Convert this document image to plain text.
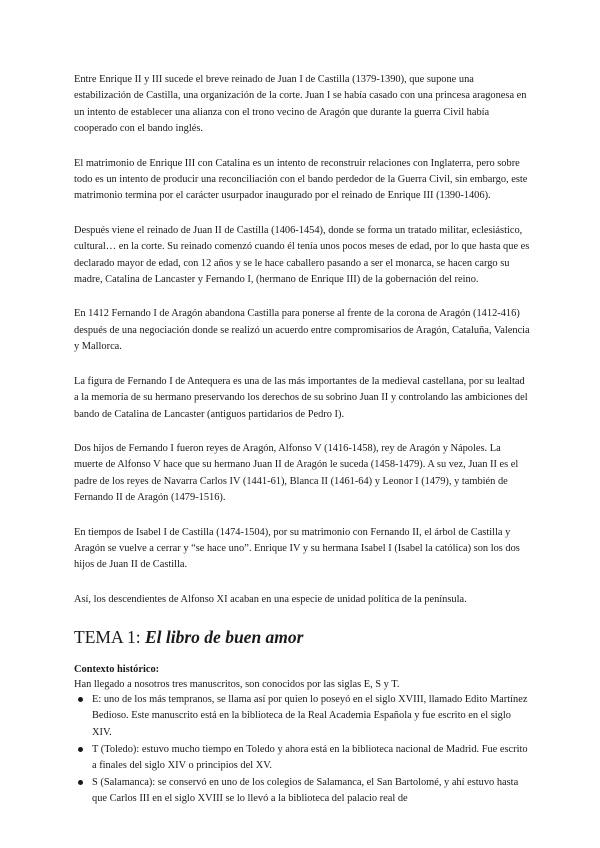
Entre Enrique II y III sucede el breve reinado de Juan I de Castilla (1379-1390), que supone una estabilización de Castilla, una organización de la corte. Juan I se había casado con una princesa aragonesa en un intento de establecer una alianza con el trono vecino de Aragón que durante la guerra Civil había cooperado con el bando inglés.

El matrimonio de Enrique III con Catalina es un intento de reconstruir relaciones con Inglaterra, pero sobre todo es un intento de producir una reconciliación con el bando perdedor de la Guerra Civil, sin embargo, este matrimonio termina por el carácter usurpador inaugurado por el reinado de Enrique III (1390-1406).

Después viene el reinado de Juan II de Castilla (1406-1454), donde se forma un tratado militar, eclesiástico, cultural… en la corte. Su reinado comenzó cuando él tenía unos pocos meses de edad, por lo que hasta que es declarado mayor de edad, con 12 años y se le hace caballero pasando a ser el monarca, se hacen cargo su madre, Catalina de Lancaster y Fernando I, (hermano de Enrique III) de la gobernación del reino.

En 1412 Fernando I de Aragón abandona Castilla para ponerse al frente de la corona de Aragón (1412-416) después de una negociación donde se realizó un acuerdo entre compromisarios de Aragón, Cataluña, Valencia y Mallorca.

La figura de Fernando I de Antequera es una de las más importantes de la medieval castellana, por su lealtad a la memoria de su hermano preservando los derechos de su sobrino Juan II y controlando las ambiciones del bando de Catalina de Lancaster (antiguos partidarios de Pedro I).

Dos hijos de Fernando I fueron reyes de Aragón, Alfonso V (1416-1458), rey de Aragón y Nápoles. La muerte de Alfonso V hace que su hermano Juan II de Aragón le suceda (1458-1479). A su vez, Juan II es el padre de los reyes de Navarra Carlos IV (1441-61), Blanca II (1461-64) y Leonor I (1479), y también de Fernando II de Aragón (1479-1516).

En tiempos de Isabel I de Castilla (1474-1504), por su matrimonio con Fernando II, el árbol de Castilla y Aragón se vuelve a cerrar y “se hace uno”. Enrique IV y su hermana Isabel I (Isabel la católica) son los dos hijos de Juan II de Castilla.

Así, los descendientes de Alfonso XI acaban en una especie de unidad política de la península.

TEMA 1: El libro de buen amor
Contexto histórico:
Han llegado a nosotros tres manuscritos, son conocidos por las siglas E, S y T.
E: uno de los más tempranos, se llama así por quien lo poseyó en el siglo XVIII, llamado Edito Martínez Bedioso. Este manuscrito está en la biblioteca de la Real Academia Española y fue escrito en el siglo XIV.
T (Toledo): estuvo mucho tiempo en Toledo y ahora está en la biblioteca nacional de Madrid. Fue escrito a finales del siglo XIV o principios del XV.
S (Salamanca): se conservó en uno de los colegios de Salamanca, el San Bartolomé, y ahí estuvo hasta que Carlos III en el siglo XVIII se lo llevó a la biblioteca del palacio real de
